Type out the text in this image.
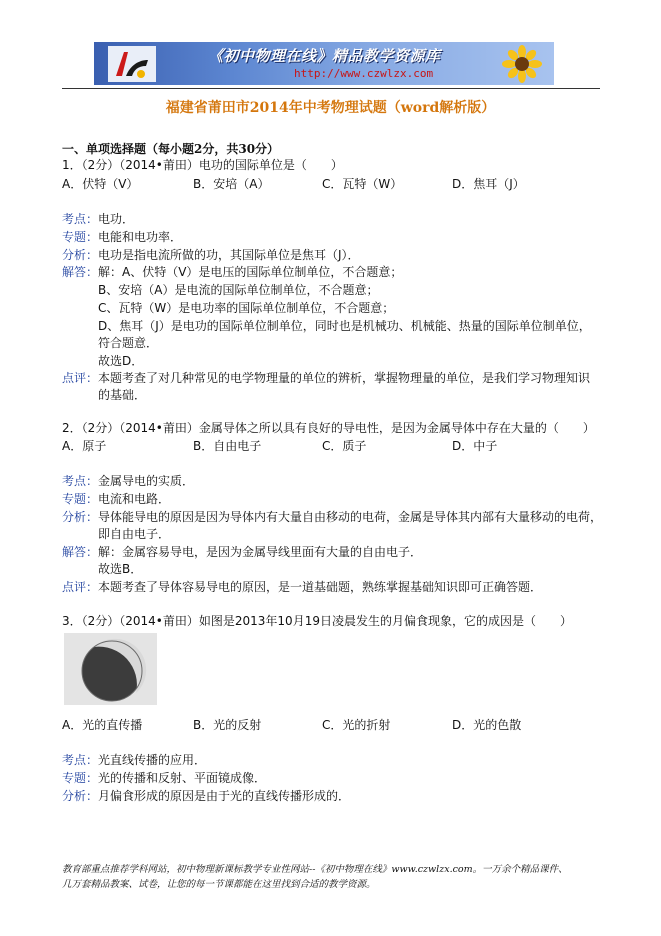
《初中物理在线》精品教学资源库
http://www.czwlzx.com
福建省莆田市2014年中考物理试题（word解析版）
一、单项选择题（每小题2分，共30分）
1．（2分）（2014•莆田）电功的国际单位是（　　）
A．伏特（V）	B．安培（A）	C．瓦特（W）	D．焦耳（J）
考点： 电功．
专题： 电能和电功率．
分析： 电功是指电流所做的功，其国际单位是焦耳（J）．
解答： 解：A、伏特（V）是电压的国际单位制单位，不合题意；
B、安培（A）是电流的国际单位制单位，不合题意；
C、瓦特（W）是电功率的国际单位制单位，不合题意；
D、焦耳（J）是电功的国际单位制单位，同时也是机械功、机械能、热量的国际单位制单位，
符合题意．
故选D．
点评： 本题考查了对几种常见的电学物理量的单位的辨析，掌握物理量的单位，是我们学习物理知识
的基础．
2．（2分）（2014•莆田）金属导体之所以具有良好的导电性，是因为金属导体中存在大量的（　　）
A．原子	B．自由电子	C．质子	D．中子
考点： 金属导电的实质．
专题： 电流和电路．
分析： 导体能导电的原因是因为导体内有大量自由移动的电荷，金属是导体其内部有大量移动的电荷，
即自由电子．
解答： 解：金属容易导电，是因为金属导线里面有大量的自由电子．
故选B．
点评： 本题考查了导体容易导电的原因，是一道基础题，熟练掌握基础知识即可正确答题．
3．（2分）（2014•莆田）如图是2013年10月19日凌晨发生的月偏食现象，它的成因是（　　）
A．光的直传播	B．光的反射	C．光的折射	D．光的色散
考点： 光直线传播的应用．
专题： 光的传播和反射、平面镜成像．
分析： 月偏食形成的原因是由于光的直线传播形成的．
教育部重点推荐学科网站，初中物理新课标教学专业性网站--《初中物理在线》www.czwlzx.com。一万余个精品课件、
几万套精品教案、试卷，让您的每一节课都能在这里找到合适的教学资源。
